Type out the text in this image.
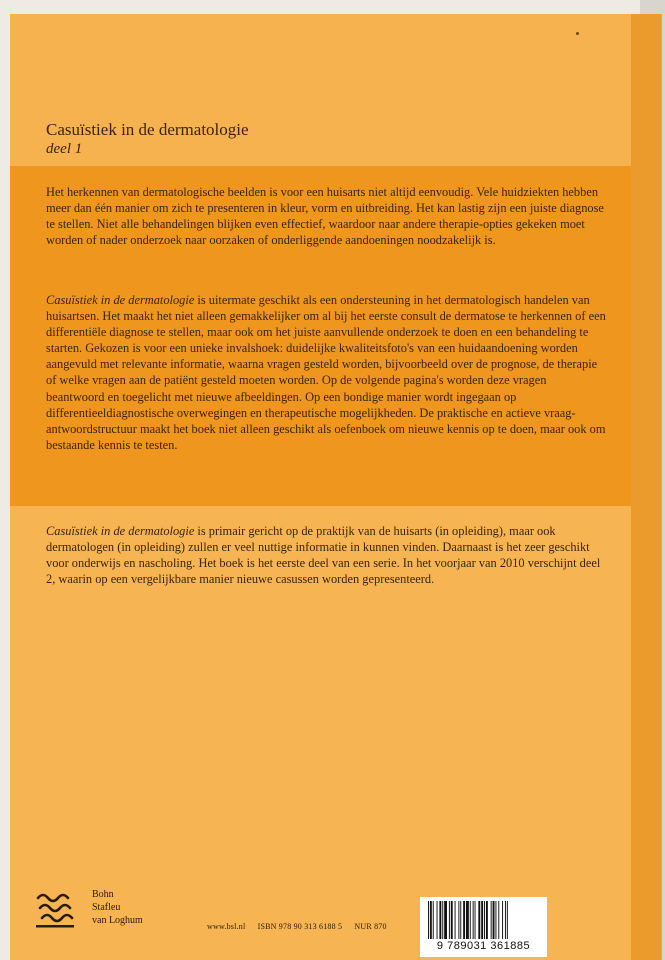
Casuïstiek in de dermatologie
deel 1
Het herkennen van dermatologische beelden is voor een huisarts niet altijd eenvoudig. Vele huidziekten hebben meer dan één manier om zich te presenteren in kleur, vorm en uitbreiding. Het kan lastig zijn een juiste diagnose te stellen. Niet alle behandelingen blijken even effectief, waardoor naar andere therapie-opties gekeken moet worden of nader onderzoek naar oorzaken of onderliggende aandoeningen noodzakelijk is.
Casuïstiek in de dermatologie is uitermate geschikt als een ondersteuning in het dermatologisch handelen van huisartsen. Het maakt het niet alleen gemakkelijker om al bij het eerste consult de dermatose te herkennen of een differentiële diagnose te stellen, maar ook om het juiste aanvullende onderzoek te doen en een behandeling te starten. Gekozen is voor een unieke invalshoek: duidelijke kwaliteitsfoto's van een huidaandoening worden aangevuld met relevante informatie, waarna vragen gesteld worden, bijvoorbeeld over de prognose, de therapie of welke vragen aan de patiënt gesteld moeten worden. Op de volgende pagina's worden deze vragen beantwoord en toegelicht met nieuwe afbeeldingen. Op een bondige manier wordt ingegaan op differentieeldiagnostische overwegingen en therapeutische mogelijkheden. De praktische en actieve vraag-antwoordstructuur maakt het boek niet alleen geschikt als oefenboek om nieuwe kennis op te doen, maar ook om bestaande kennis te testen.
Casuïstiek in de dermatologie is primair gericht op de praktijk van de huisarts (in opleiding), maar ook dermatologen (in opleiding) zullen er veel nuttige informatie in kunnen vinden. Daarnaast is het zeer geschikt voor onderwijs en nascholing. Het boek is het eerste deel van een serie. In het voorjaar van 2010 verschijnt deel 2, waarin op een vergelijkbare manier nieuwe casussen worden gepresenteerd.
Bohn
Stafleu
van Loghum
www.bsl.nl ISBN 978 90 313 6188 5 NUR 870
9 789031 361885
